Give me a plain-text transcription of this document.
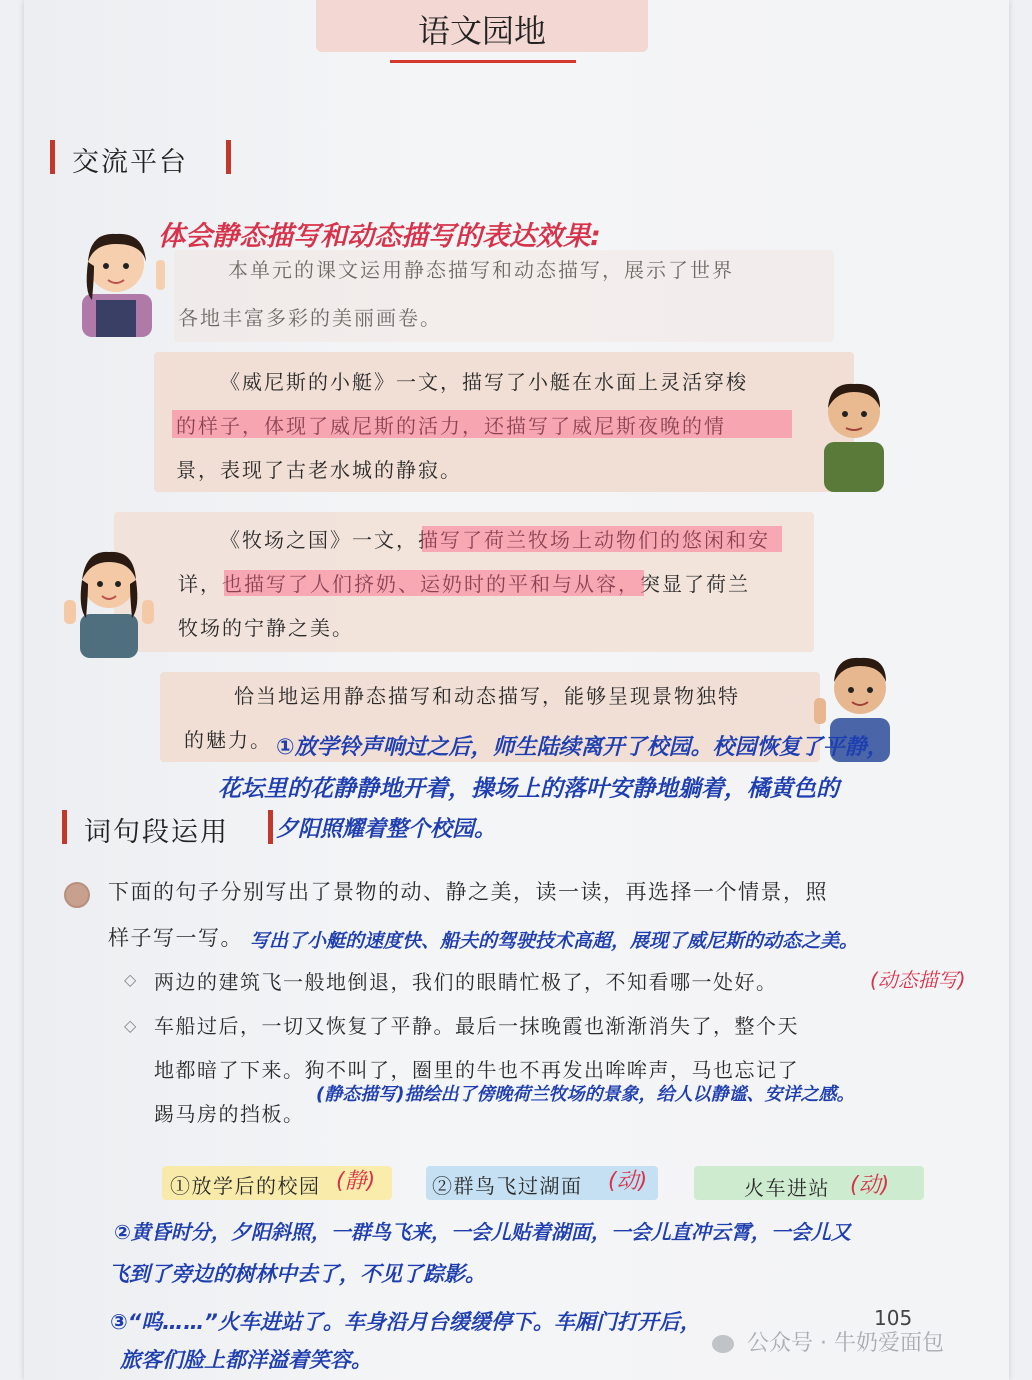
语文园地
交流平台
体会静态描写和动态描写的表达效果:
本单元的课文运用静态描写和动态描写，展示了世界
各地丰富多彩的美丽画卷。
《威尼斯的小艇》一文，描写了小艇在水面上灵活穿梭
的样子，体现了威尼斯的活力，还描写了威尼斯夜晚的情
景，表现了古老水城的静寂。
《牧场之国》一文，描写了荷兰牧场上动物们的悠闲和安
详，也描写了人们挤奶、运奶时的平和与从容，突显了荷兰
牧场的宁静之美。
恰当地运用静态描写和动态描写，能够呈现景物独特
的魅力。 ①放学铃声响过之后，师生陆续离开了校园。校园恢复了平静，
花坛里的花静静地开着，操场上的落叶安静地躺着，橘黄色的
夕阳照耀着整个校园。
词句段运用
下面的句子分别写出了景物的动、静之美，读一读，再选择一个情景，照
样子写一写。 写出了小艇的速度快、船夫的驾驶技术高超，展现了威尼斯的动态之美。
◇ 两边的建筑飞一般地倒退，我们的眼睛忙极了，不知看哪一处好。	(动态描写)
◇ 车船过后，一切又恢复了平静。最后一抹晚霞也渐渐消失了，整个天
地都暗了下来。狗不叫了，圈里的牛也不再发出哞哞声，马也忘记了
踢马房的挡板。
(静态描写)描绘出了傍晚荷兰牧场的景象，给人以静谧、安详之感。
①放学后的校园 (静)	②群鸟飞过湖面 (动)	火车进站 (动)
②黄昏时分，夕阳斜照，一群鸟飞来，一会儿贴着湖面，一会儿直冲云霄，一会儿又
飞到了旁边的树林中去了，不见了踪影。
③“呜……”火车进站了。车身沿月台缓缓停下。车厢门打开后，
旅客们脸上都洋溢着笑容。
105
公众号 · 牛奶爱面包
